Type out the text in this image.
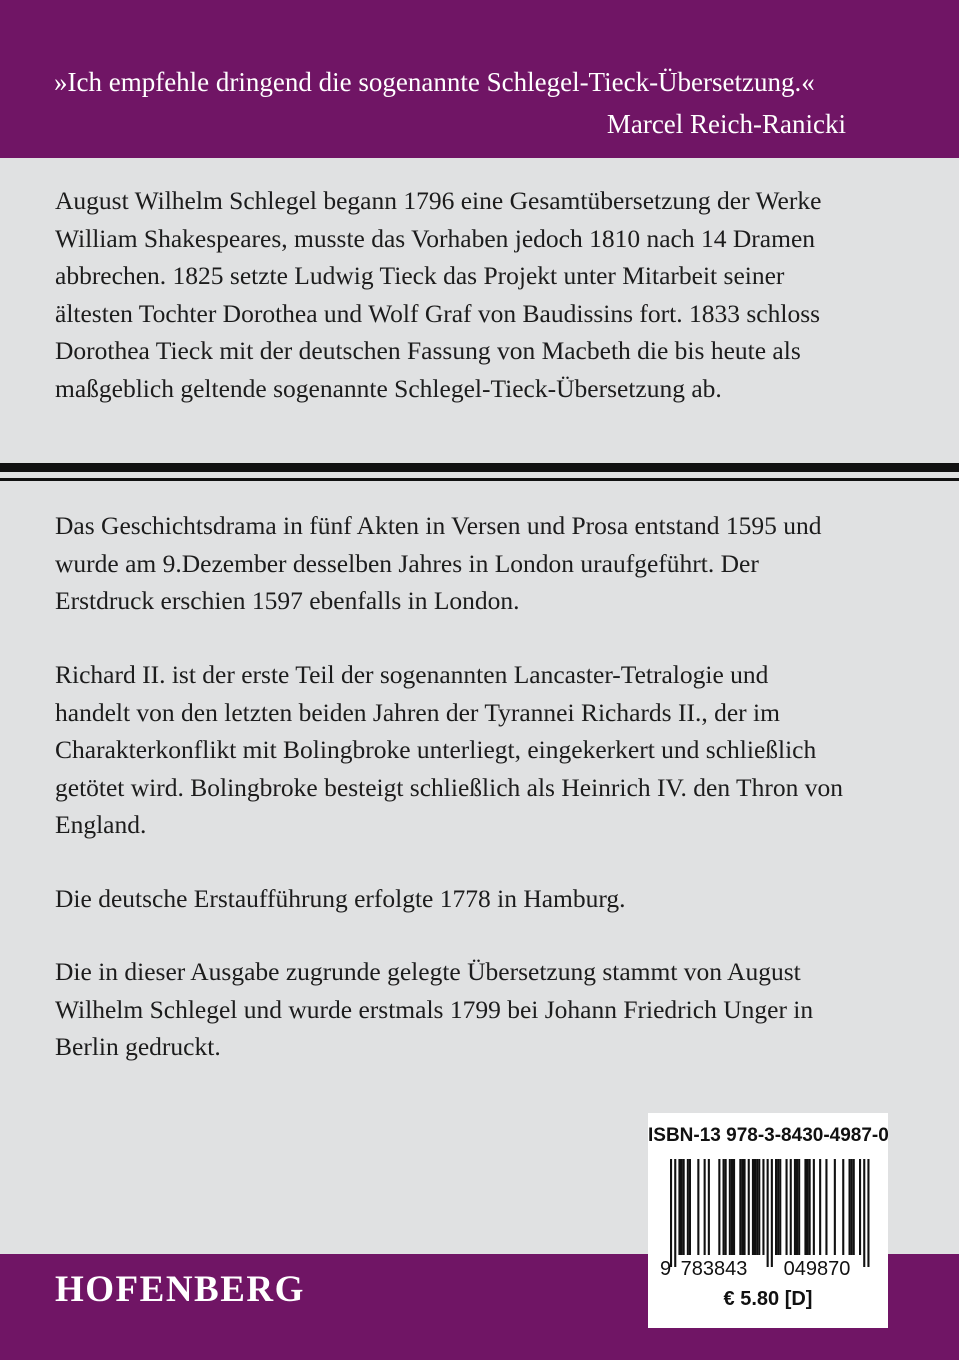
»Ich empfehle dringend die sogenannte Schlegel-Tieck-Übersetzung.«

Marcel Reich-Ranicki

August Wilhelm Schlegel begann 1796 eine Gesamtübersetzung der Werke

William Shakespeares, musste das Vorhaben jedoch 1810 nach 14 Dramen

abbrechen. 1825 setzte Ludwig Tieck das Projekt unter Mitarbeit seiner

ältesten Tochter Dorothea und Wolf Graf von Baudissins fort. 1833 schloss

Dorothea Tieck mit der deutschen Fassung von Macbeth die bis heute als

maßgeblich geltende sogenannte Schlegel-Tieck-Übersetzung ab.

Das Geschichtsdrama in fünf Akten in Versen und Prosa entstand 1595 und

wurde am 9.Dezember desselben Jahres in London uraufgeführt. Der

Erstdruck erschien 1597 ebenfalls in London.

Richard II. ist der erste Teil der sogenannten Lancaster-Tetralogie und

handelt von den letzten beiden Jahren der Tyrannei Richards II., der im

Charakterkonflikt mit Bolingbroke unterliegt, eingekerkert und schließlich

getötet wird. Bolingbroke besteigt schließlich als Heinrich IV. den Thron von

England.

Die deutsche Erstaufführung erfolgte 1778 in Hamburg.

Die in dieser Ausgabe zugrunde gelegte Übersetzung stammt von August

Wilhelm Schlegel und wurde erstmals 1799 bei Johann Friedrich Unger in

Berlin gedruckt.

HOFENBERG

ISBN-13 978-3-8430-4987-0
9 783843 049870
€ 5.80 [D]
